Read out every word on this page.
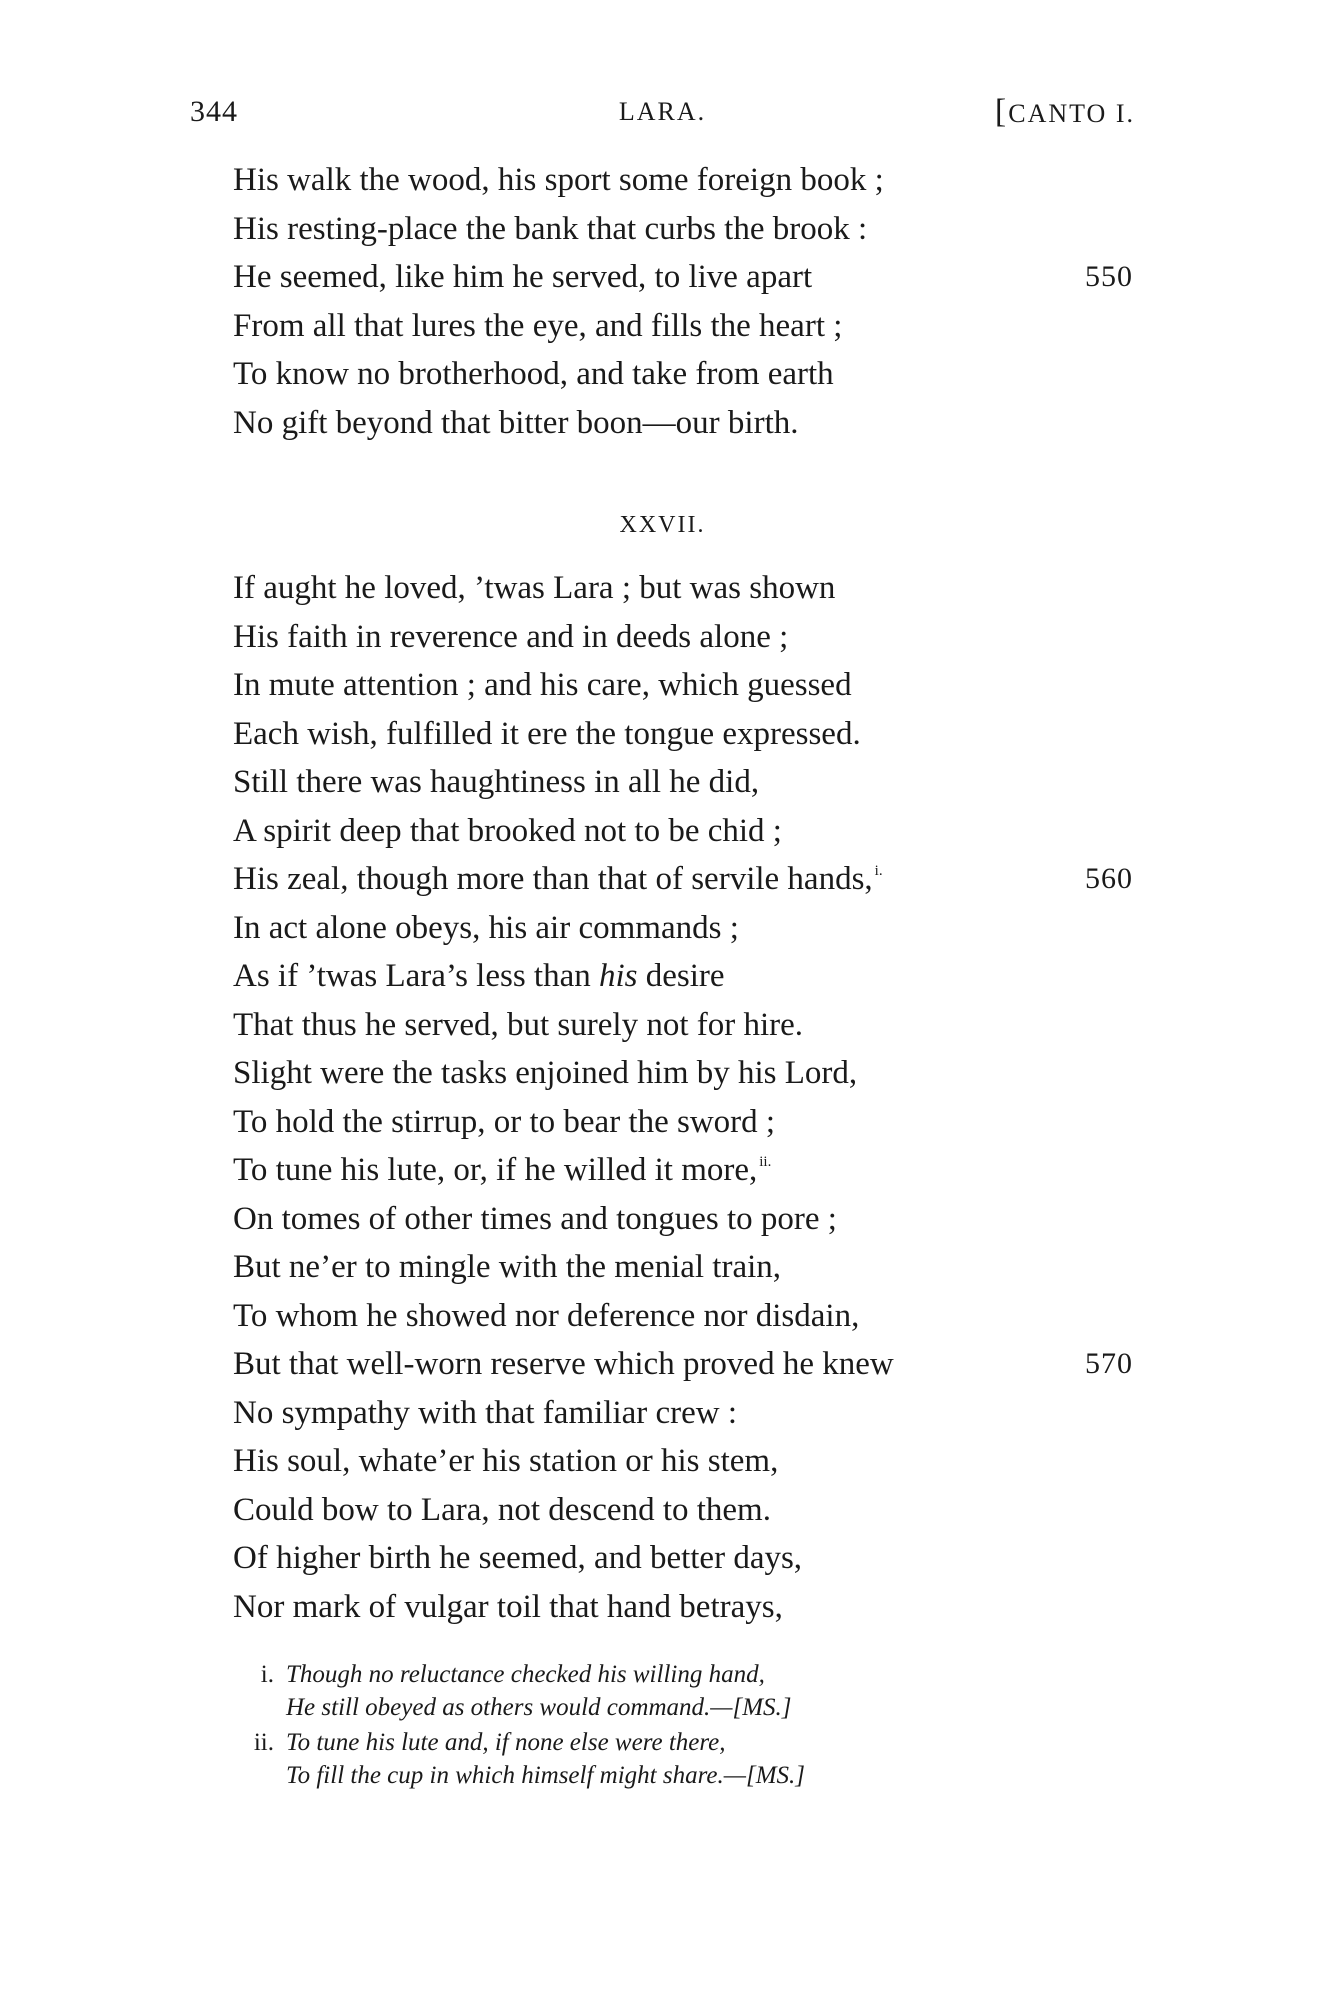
344	LARA.	[CANTO I.
His walk the wood, his sport some foreign book ;
His resting-place the bank that curbs the brook :
He seemed, like him he served, to live apart	550
From all that lures the eye, and fills the heart ;
To know no brotherhood, and take from earth
No gift beyond that bitter boon—our birth.
XXVII.
If aught he loved, ’twas Lara ; but was shown
His faith in reverence and in deeds alone ;
In mute attention ; and his care, which guessed
Each wish, fulfilled it ere the tongue expressed.
Still there was haughtiness in all he did,
A spirit deep that brooked not to be chid ;
His zeal, though more than that of servile hands, $^{i.}$	560
In act alone obeys, his air commands ;
As if ’twas Lara’s less than his desire
That thus he served, but surely not for hire.
Slight were the tasks enjoined him by his Lord,
To hold the stirrup, or to bear the sword ;
To tune his lute, or, if he willed it more, $^{ii.}$
On tomes of other times and tongues to pore ;
But ne’er to mingle with the menial train,
To whom he showed nor deference nor disdain,
But that well-worn reserve which proved he knew	570
No sympathy with that familiar crew :
His soul, whate’er his station or his stem,
Could bow to Lara, not descend to them.
Of higher birth he seemed, and better days,
Nor mark of vulgar toil that hand betrays,
i. Though no reluctance checked his willing hand,
He still obeyed as others would command.—[MS.]
ii. To tune his lute and, if none else were there,
To fill the cup in which himself might share.—[MS.]
